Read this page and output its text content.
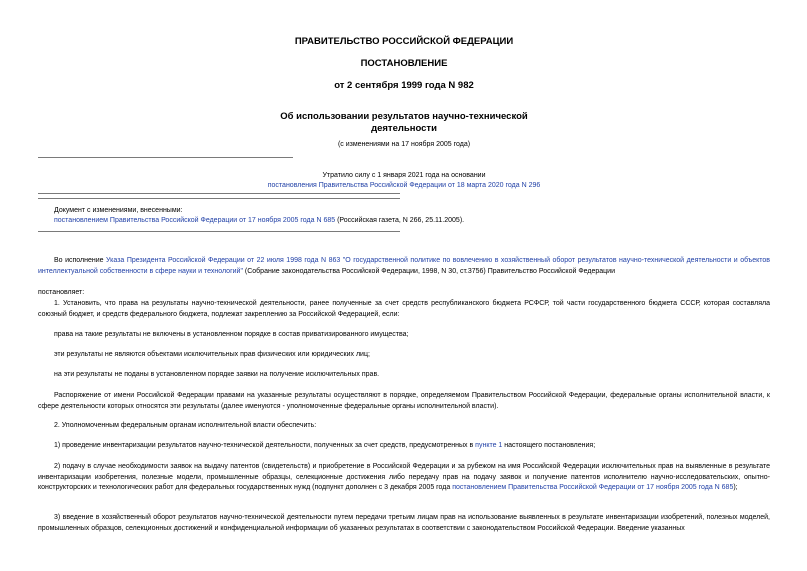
ПРАВИТЕЛЬСТВО РОССИЙСКОЙ ФЕДЕРАЦИИ
ПОСТАНОВЛЕНИЕ
от 2 сентября 1999 года N 982
Об использовании результатов научно-технической
деятельности
(с изменениями на 17 ноября 2005 года)
Утратило силу с 1 января 2021 года на основании
постановления Правительства Российской Федерации от 18 марта 2020 года N 296
Документ с изменениями, внесенными:
постановлением Правительства Российской Федерации от 17 ноября 2005 года N 685 (Российская газета, N 266, 25.11.2005).
Во исполнение Указа Президента Российской Федерации от 22 июля 1998 года N 863 "О государственной политике по вовлечению в хозяйственный оборот результатов научно-технической деятельности и объектов интеллектуальной собственности в сфере науки и технологий" (Собрание законодательства Российской Федерации, 1998, N 30, ст.3756) Правительство Российской Федерации
постановляет:
1. Установить, что права на результаты научно-технической деятельности, ранее полученные за счет средств республиканского бюджета РСФСР, той части государственного бюджета СССР, которая составляла союзный бюджет, и средств федерального бюджета, подлежат закреплению за Российской Федерацией, если:
права на такие результаты не включены в установленном порядке в состав приватизированного имущества;
эти результаты не являются объектами исключительных прав физических или юридических лиц;
на эти результаты не поданы в установленном порядке заявки на получение исключительных прав.
Распоряжение от имени Российской Федерации правами на указанные результаты осуществляют в порядке, определяемом Правительством Российской Федерации, федеральные органы исполнительной власти, к сфере деятельности которых относятся эти результаты (далее именуются - уполномоченные федеральные органы исполнительной власти).
2. Уполномоченным федеральным органам исполнительной власти обеспечить:
1) проведение инвентаризации результатов научно-технической деятельности, полученных за счет средств, предусмотренных в пункте 1 настоящего постановления;
2) подачу в случае необходимости заявок на выдачу патентов (свидетельств) и приобретение в Российской Федерации и за рубежом на имя Российской Федерации исключительных прав на выявленные в результате инвентаризации изобретения, полезные модели, промышленные образцы, селекционные достижения либо передачу прав на подачу заявок и получение патентов исполнителю научно-исследовательских, опытно-конструкторских и технологических работ для федеральных государственных нужд (подпункт дополнен с 3 декабря 2005 года постановлением Правительства Российской Федерации от 17 ноября 2005 года N 685);
3) введение в хозяйственный оборот результатов научно-технической деятельности путем передачи третьим лицам прав на использование выявленных в результате инвентаризации изобретений, полезных моделей, промышленных образцов, селекционных достижений и конфиденциальной информации об указанных результатах в соответствии с законодательством Российской Федерации. Введение указанных
